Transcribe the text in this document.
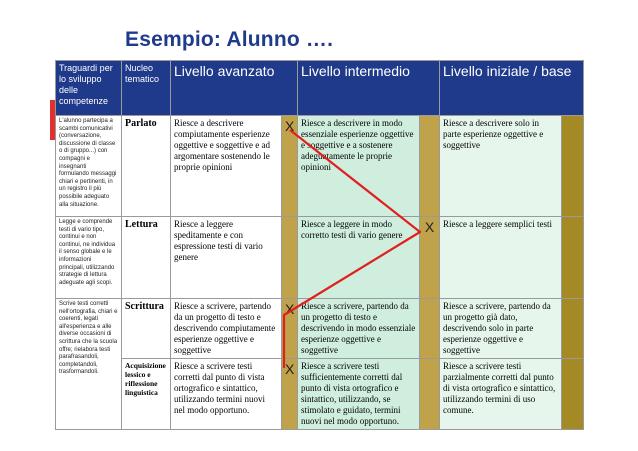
Esempio: Alunno ….
Traguardi per lo sviluppo delle competenze	Nucleo tematico	Livello avanzato		Livello intermedio		Livello iniziale / base	
L'alunno partecipa a scambi comunicativi (conversazione, discussione di classe o di gruppo...) con compagni e insegnanti formulando messaggi chiari e pertinenti, in un registro il più possibile adeguato alla situazione.	Parlato	Riesce a descrivere compiutamente esperienze oggettive e soggettive e ad argomentare sostenendo le proprie opinioni	X	Riesce a descrivere in modo essenziale esperienze oggettive e soggettive e a sostenere adeguatamente le proprie opinioni		Riesce a descrivere solo in parte esperienze oggettive e soggettive	
Legge e comprende testi di vario tipo, continui e non continui, ne individua il senso globale e le informazioni principali, utilizzando strategie di lettura adeguate agli scopi.	Lettura	Riesce a leggere speditamente e con espressione testi di vario genere		Riesce a leggere in modo corretto testi di vario genere	X	Riesce a leggere semplici testi	
Scrive testi corretti nell'ortografia, chiari e coerenti, legati all'esperienza e alle diverse occasioni di scrittura che la scuola offre; rielabora testi parafrasandoli, completandoli, trasformandoli.	Scrittura	Riesce a scrivere, partendo da un progetto di testo e descrivendo compiutamente esperienze oggettive e soggettive	X	Riesce a scrivere, partendo da un progetto di testo e descrivendo in modo essenziale esperienze oggettive e soggettive		Riesce a scrivere, partendo da un progetto già dato, descrivendo solo in parte esperienze oggettive e soggettive	
	Acquisizione lessico e riflessione linguistica	Riesce a scrivere testi corretti dal punto di vista ortografico e sintattico, utilizzando termini nuovi nel modo opportuno.	X	Riesce a scrivere testi sufficientemente corretti dal punto di vista ortografico e sintattico, utilizzando, se stimolato e guidato, termini nuovi nel modo opportuno.		Riesce a scrivere testi parzialmente corretti dal punto di vista ortografico e sintattico, utilizzando termini di uso comune.	
